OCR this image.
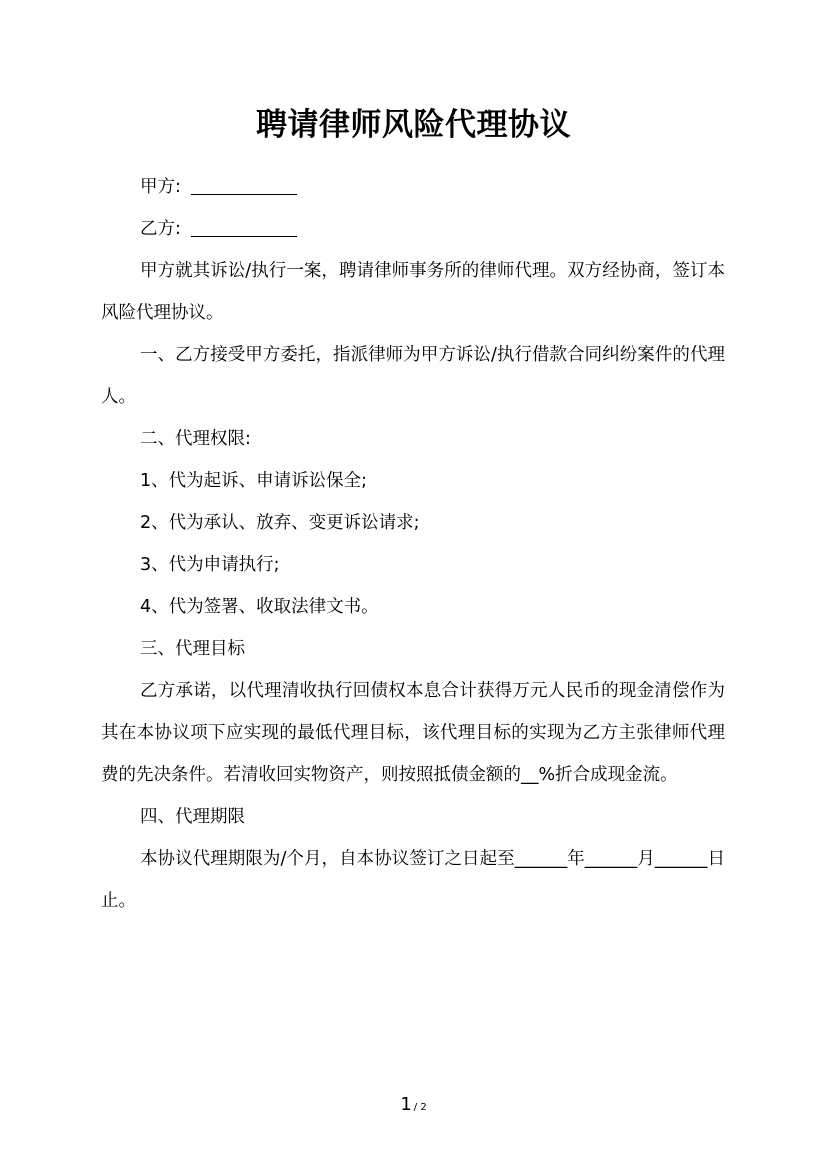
聘请律师风险代理协议

甲方:

乙方:

甲方就其诉讼/执行一案，聘请律师事务所的律师代理。双方经协商，签订本风险代理协议。

一、乙方接受甲方委托，指派律师为甲方诉讼/执行借款合同纠纷案件的代理人。

二、代理权限:

1、代为起诉、申请诉讼保全;

2、代为承认、放弃、变更诉讼请求;

3、代为申请执行;

4、代为签署、收取法律文书。

三、代理目标

乙方承诺，以代理清收执行回债权本息合计获得万元人民币的现金清偿作为其在本协议项下应实现的最低代理目标，该代理目标的实现为乙方主张律师代理费的先决条件。若清收回实物资产，则按照抵债金额的__%折合成现金流。

四、代理期限

本协议代理期限为/个月，自本协议签订之日起至______年______月______日止。

1 / 2
